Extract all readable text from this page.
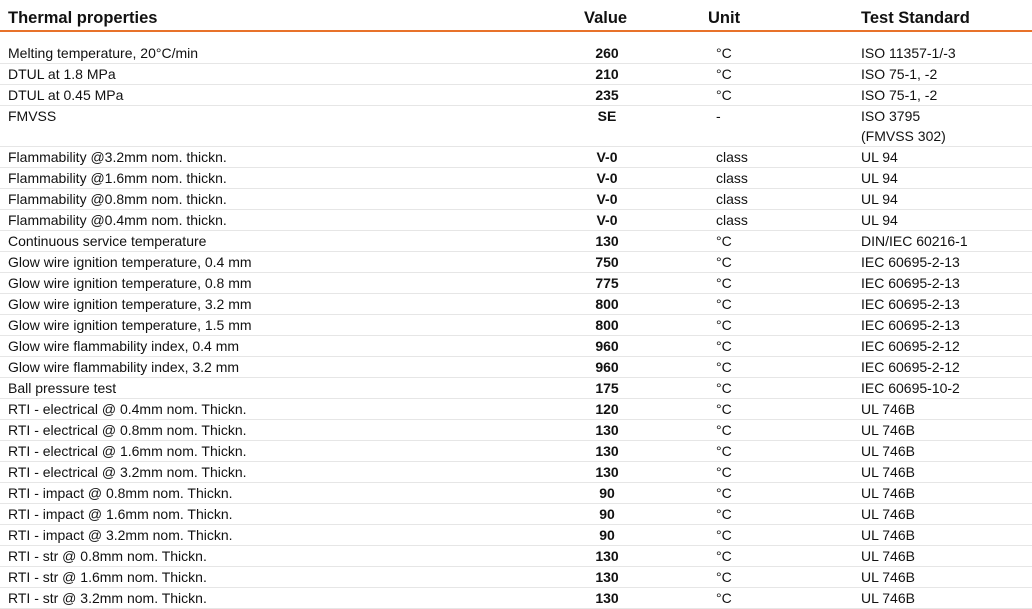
Thermal properties	Value	Unit	Test Standard
Melting temperature, 20°C/min	260	°C	ISO 11357-1/-3
DTUL at 1.8 MPa	210	°C	ISO 75-1, -2
DTUL at 0.45 MPa	235	°C	ISO 75-1, -2
FMVSS	SE	-	ISO 3795
(FMVSS 302)
Flammability @3.2mm nom. thickn.	V-0	class	UL 94
Flammability @1.6mm nom. thickn.	V-0	class	UL 94
Flammability @0.8mm nom. thickn.	V-0	class	UL 94
Flammability @0.4mm nom. thickn.	V-0	class	UL 94
Continuous service temperature	130	°C	DIN/IEC 60216-1
Glow wire ignition temperature, 0.4 mm	750	°C	IEC 60695-2-13
Glow wire ignition temperature, 0.8 mm	775	°C	IEC 60695-2-13
Glow wire ignition temperature, 3.2 mm	800	°C	IEC 60695-2-13
Glow wire ignition temperature, 1.5 mm	800	°C	IEC 60695-2-13
Glow wire flammability index, 0.4 mm	960	°C	IEC 60695-2-12
Glow wire flammability index, 3.2 mm	960	°C	IEC 60695-2-12
Ball pressure test	175	°C	IEC 60695-10-2
RTI - electrical @ 0.4mm nom. Thickn.	120	°C	UL 746B
RTI - electrical @ 0.8mm nom. Thickn.	130	°C	UL 746B
RTI - electrical @ 1.6mm nom. Thickn.	130	°C	UL 746B
RTI - electrical @ 3.2mm nom. Thickn.	130	°C	UL 746B
RTI - impact @ 0.8mm nom. Thickn.	90	°C	UL 746B
RTI - impact @ 1.6mm nom. Thickn.	90	°C	UL 746B
RTI - impact @ 3.2mm nom. Thickn.	90	°C	UL 746B
RTI - str @ 0.8mm nom. Thickn.	130	°C	UL 746B
RTI - str @ 1.6mm nom. Thickn.	130	°C	UL 746B
RTI - str @ 3.2mm nom. Thickn.	130	°C	UL 746B
